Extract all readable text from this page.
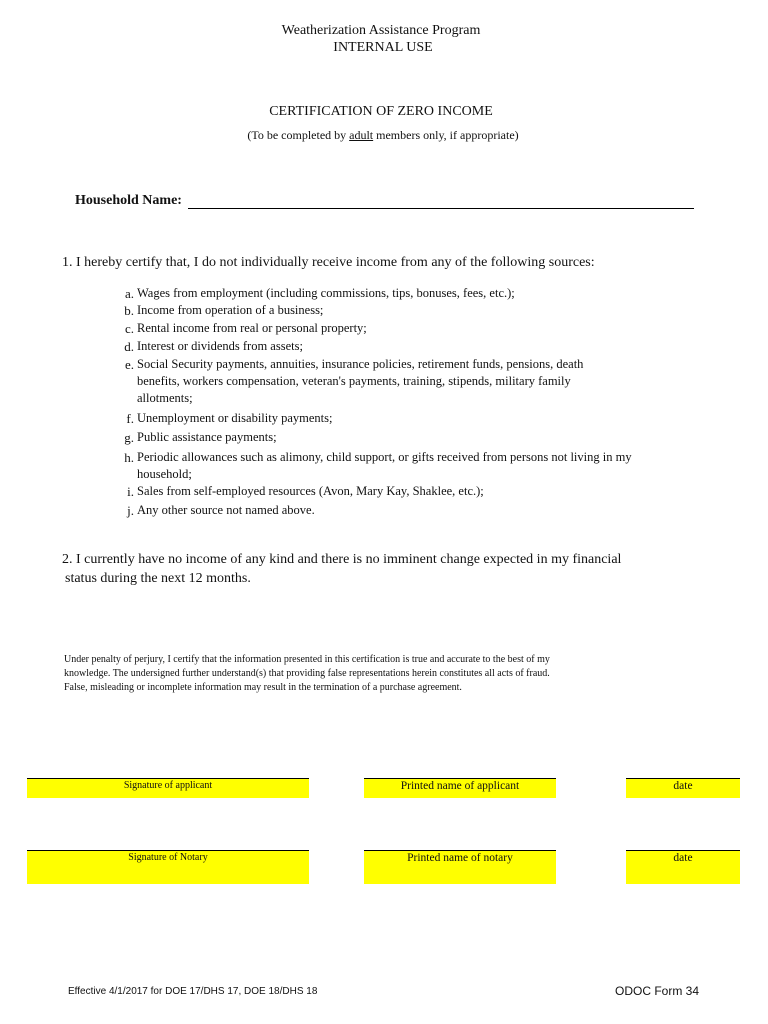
Weatherization Assistance Program
INTERNAL USE
CERTIFICATION OF ZERO INCOME
(To be completed by adult members only, if appropriate)
Household Name:
1. I hereby certify that, I do not individually receive income from any of the following sources:
a. Wages from employment (including commissions, tips, bonuses, fees, etc.);
b. Income from operation of a business;
c. Rental income from real or personal property;
d. Interest or dividends from assets;
e. Social Security payments, annuities, insurance policies, retirement funds, pensions, death benefits, workers compensation, veteran's payments, training, stipends, military family allotments;
f. Unemployment or disability payments;
g. Public assistance payments;
h. Periodic allowances such as alimony, child support, or gifts received from persons not living in my household;
i. Sales from self-employed resources (Avon, Mary Kay, Shaklee, etc.);
j. Any other source not named above.
2. I currently have no income of any kind and there is no imminent change expected in my financial
status during the next 12 months.
Under penalty of perjury, I certify that the information presented in this certification is true and accurate to the best of my
knowledge. The undersigned further understand(s) that providing false representations herein constitutes all acts of fraud.
False, misleading or incomplete information may result in the termination of a purchase agreement.
Signature of applicant	Printed name of applicant	date
Signature of Notary	Printed name of notary	date
Effective 4/1/2017 for DOE 17/DHS 17, DOE 18/DHS 18	ODOC Form 34
